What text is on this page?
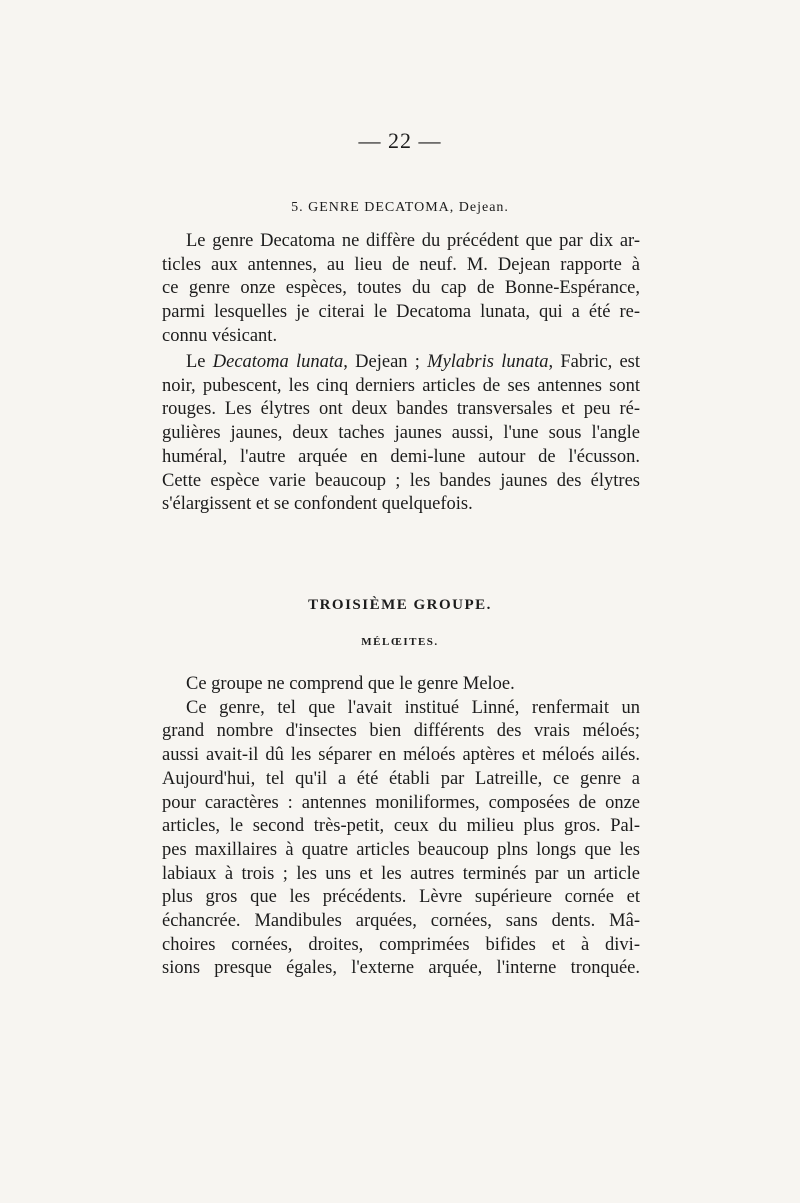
— 22 —
5. GENRE DECATOMA, Dejean.
Le genre Decatoma ne diffère du précédent que par dix ar-
ticles aux antennes, au lieu de neuf. M. Dejean rapporte à
ce genre onze espèces, toutes du cap de Bonne-Espérance,
parmi lesquelles je citerai le Decatoma lunata, qui a été re-
connu vésicant.
Le Decatoma lunata, Dejean ; Mylabris lunata, Fabric, est
noir, pubescent, les cinq derniers articles de ses antennes sont
rouges. Les élytres ont deux bandes transversales et peu ré-
gulières jaunes, deux taches jaunes aussi, l'une sous l'angle
huméral, l'autre arquée en demi-lune autour de l'écusson.
Cette espèce varie beaucoup ; les bandes jaunes des élytres
s'élargissent et se confondent quelquefois.
TROISIÈME GROUPE.
MÉLŒITES.
Ce groupe ne comprend que le genre Meloe.
Ce genre, tel que l'avait institué Linné, renfermait un
grand nombre d'insectes bien différents des vrais méloés;
aussi avait-il dû les séparer en méloés aptères et méloés ailés.
Aujourd'hui, tel qu'il a été établi par Latreille, ce genre a
pour caractères : antennes moniliformes, composées de onze
articles, le second très-petit, ceux du milieu plus gros. Pal-
pes maxillaires à quatre articles beaucoup plns longs que les
labiaux à trois ; les uns et les autres terminés par un article
plus gros que les précédents. Lèvre supérieure cornée et
échancrée. Mandibules arquées, cornées, sans dents. Mâ-
choires cornées, droites, comprimées bifides et à divi-
sions presque égales, l'externe arquée, l'interne tronquée.
